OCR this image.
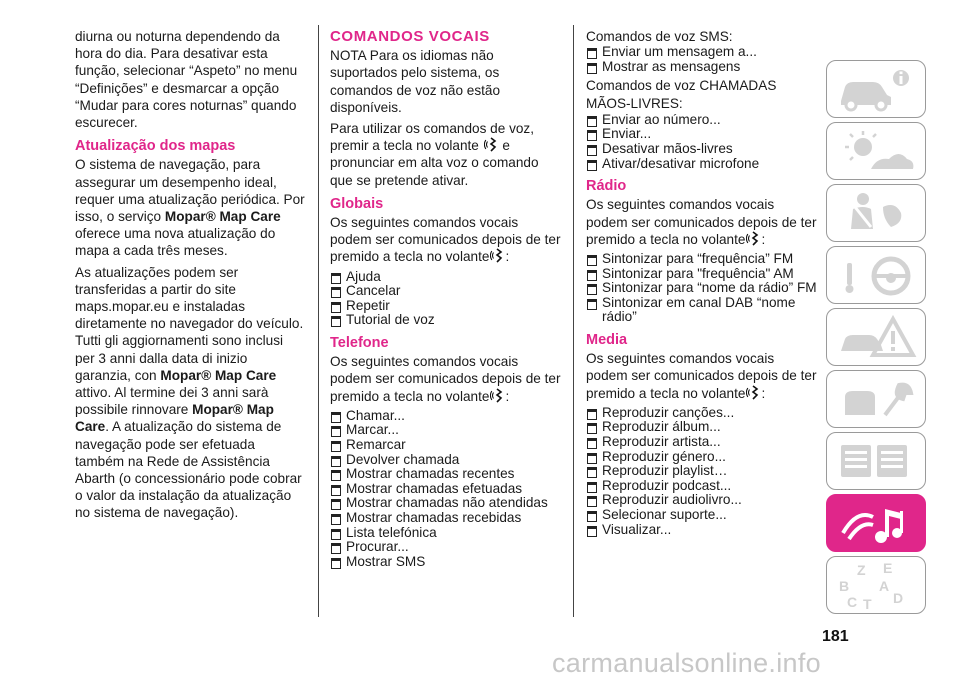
diurna ou noturna dependendo da hora do dia. Para desativar esta função, selecionar “Aspeto” no menu “Definições” e desmarcar a opção “Mudar para cores noturnas” quando escurecer.

Atualização dos mapas

O sistema de navegação, para assegurar um desempenho ideal, requer uma atualização periódica. Por isso, o serviço Mopar® Map Care oferece uma nova atualização do mapa a cada três meses.

As atualizações podem ser transferidas a partir do site maps.mopar.eu e instaladas diretamente no navegador do veículo. Tutti gli aggiornamenti sono inclusi per 3 anni dalla data di inizio garanzia, con Mopar® Map Care attivo. Al termine dei 3 anni sarà possibile rinnovare Mopar® Map Care. A atualização do sistema de navegação pode ser efetuada também na Rede de Assistência Abarth (o concessionário pode cobrar o valor da instalação da atualização no sistema de navegação).

COMANDOS VOCAIS

NOTA Para os idiomas não suportados pelo sistema, os comandos de voz não estão disponíveis.

Para utilizar os comandos de voz, premir a tecla no volante  e pronunciar em alta voz o comando que se pretende ativar.

Globais

Os seguintes comandos vocais podem ser comunicados depois de ter premido a tecla no volante :

Ajuda
Cancelar
Repetir
Tutorial de voz
Telefone

Os seguintes comandos vocais podem ser comunicados depois de ter premido a tecla no volante :

Chamar...
Marcar...
Remarcar
Devolver chamada
Mostrar chamadas recentes
Mostrar chamadas efetuadas
Mostrar chamadas não atendidas
Mostrar chamadas recebidas
Lista telefónica
Procurar...
Mostrar SMS

Comandos de voz SMS:

Enviar um mensagem a...
Mostrar as mensagens

Comandos de voz CHAMADAS MÃOS-LIVRES:

Enviar ao número...
Enviar...
Desativar mãos-livres
Ativar/desativar microfone
Rádio

Os seguintes comandos vocais podem ser comunicados depois de ter premido a tecla no volante :

Sintonizar para “frequência” FM
Sintonizar para "frequência" AM
Sintonizar para “nome da rádio” FM
Sintonizar em canal DAB “nome rádio”
Media

Os seguintes comandos vocais podem ser comunicados depois de ter premido a tecla no volante :

Reproduzir canções...
Reproduzir álbum...
Reproduzir artista...
Reproduzir género...
Reproduzir playlist…
Reproduzir podcast...
Reproduzir audiolivro...
Selecionar suporte...
Visualizar...
Z E
B A
C T D
181
carmanualsonline.info
